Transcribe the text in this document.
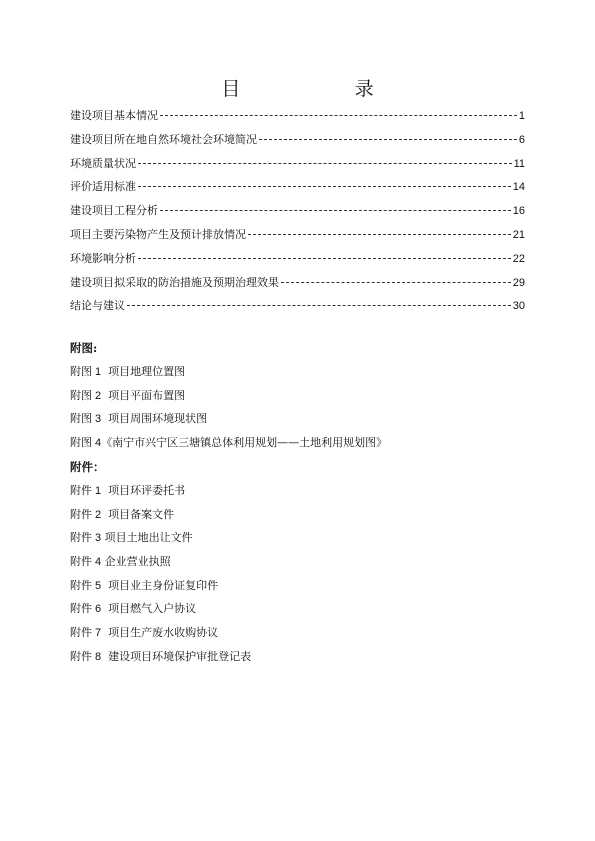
目    录
建设项目基本情况	1
建设项目所在地自然环境社会环境简况	6
环境质量状况	11
评价适用标准	14
建设项目工程分析	16
项目主要污染物产生及预计排放情况	21
环境影响分析	22
建设项目拟采取的防治措施及预期治理效果	29
结论与建议	30
附图:
附图 1  项目地理位置图
附图 2  项目平面布置图
附图 3  项目周围环境现状图
附图 4《南宁市兴宁区三塘镇总体利用规划——土地利用规划图》
附件：
附件 1  项目环评委托书
附件 2  项目备案文件
附件 3 项目土地出让文件
附件 4 企业营业执照
附件 5  项目业主身份证复印件
附件 6  项目燃气入户协议
附件 7  项目生产废水收购协议
附件 8  建设项目环境保护审批登记表
